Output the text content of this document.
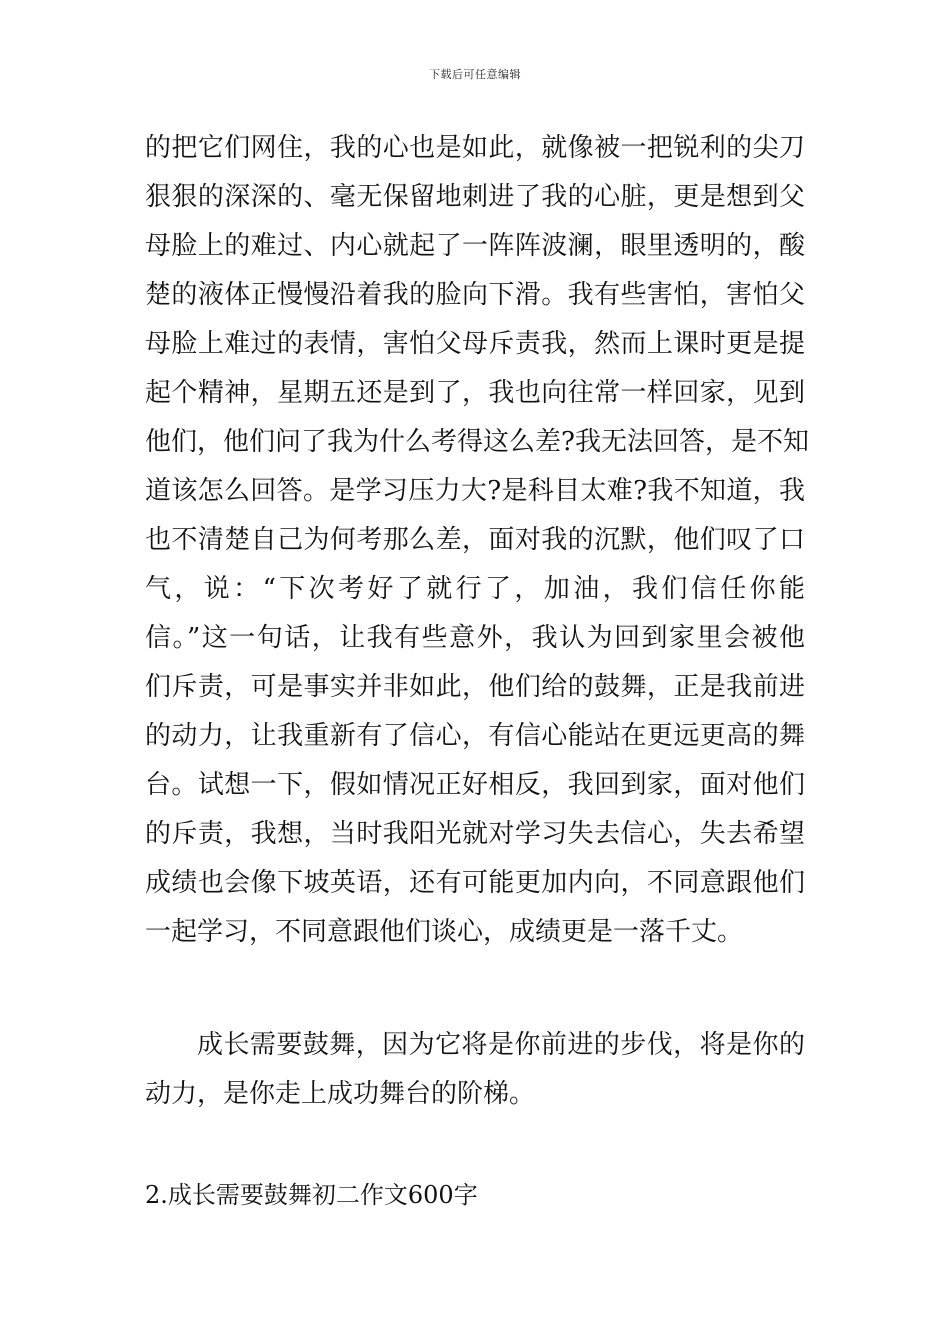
下载后可任意编辑

的把它们网住，我的心也是如此，就像被一把锐利的尖刀

狠狠的深深的、毫无保留地刺进了我的心脏，更是想到父

母脸上的难过、内心就起了一阵阵波澜，眼里透明的，酸

楚的液体正慢慢沿着我的脸向下滑。我有些害怕，害怕父

母脸上难过的表情，害怕父母斥责我，然而上课时更是提

起个精神，星期五还是到了，我也向往常一样回家，见到

他们，他们问了我为什么考得这么差?我无法回答，是不知

道该怎么回答。是学习压力大?是科目太难?我不知道，我

也不清楚自己为何考那么差，面对我的沉默，他们叹了口

气，说：“下次考好了就行了，加油，我们信任你能

信。”这一句话，让我有些意外，我认为回到家里会被他

们斥责，可是事实并非如此，他们给的鼓舞，正是我前进

的动力，让我重新有了信心，有信心能站在更远更高的舞

台。试想一下，假如情况正好相反，我回到家，面对他们

的斥责，我想，当时我阳光就对学习失去信心，失去希望

成绩也会像下坡英语，还有可能更加内向，不同意跟他们

一起学习，不同意跟他们谈心，成绩更是一落千丈。

成长需要鼓舞，因为它将是你前进的步伐，将是你的

动力，是你走上成功舞台的阶梯。

2.成长需要鼓舞初二作文600字
